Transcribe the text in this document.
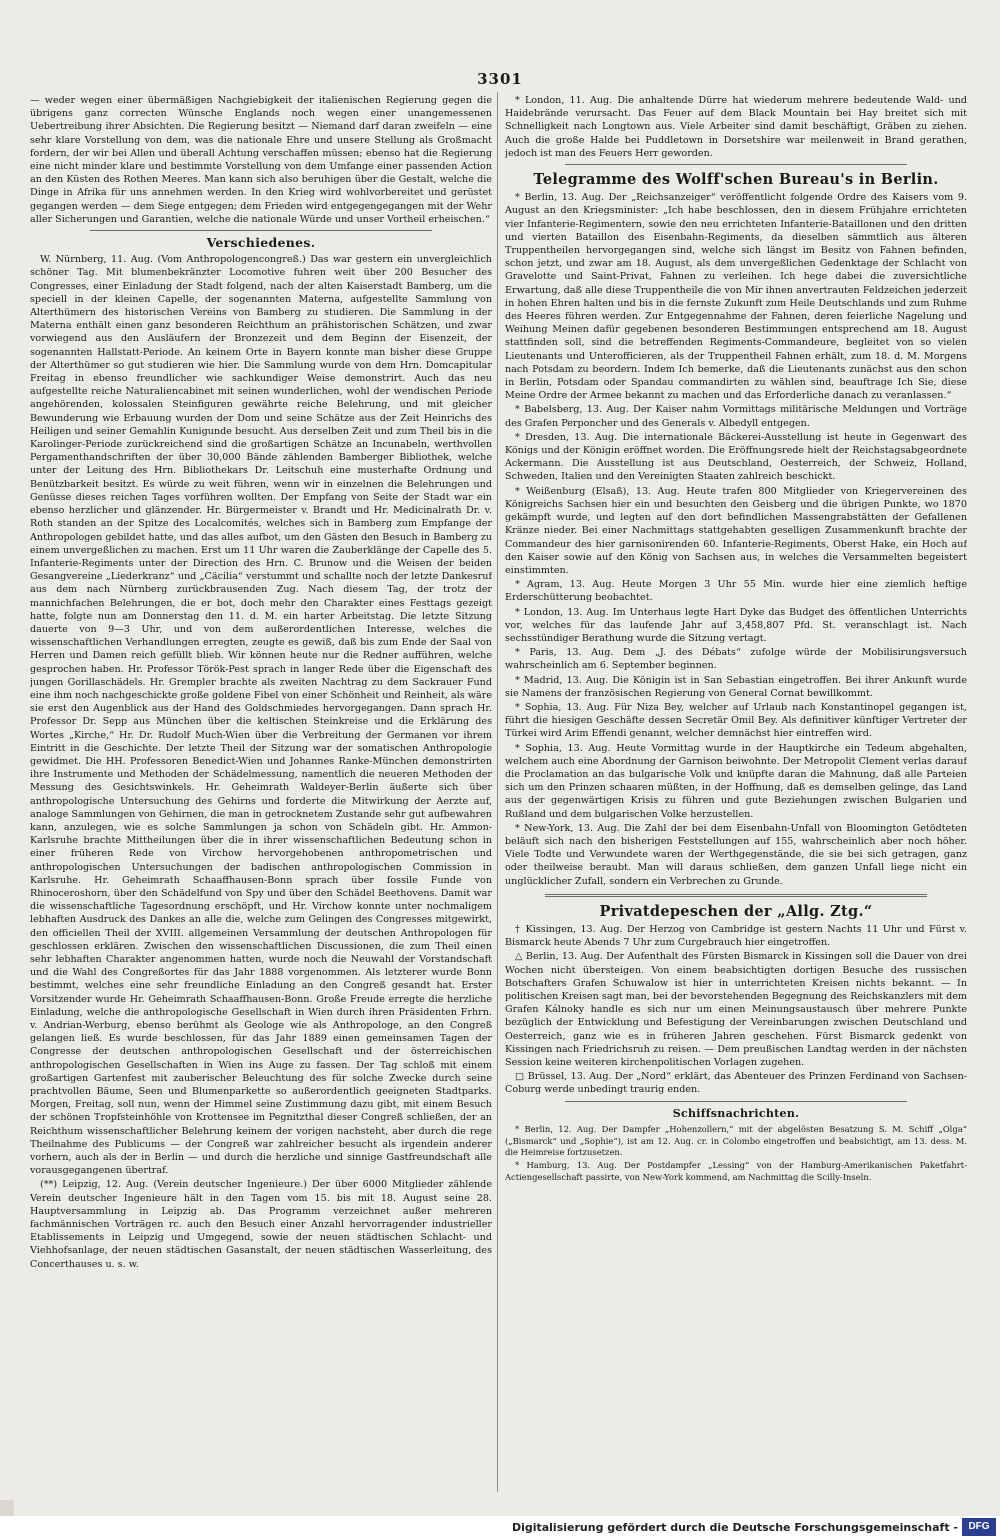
3301

— weder wegen einer übermäßigen Nachgiebigkeit der italienischen Regierung gegen die übrigens ganz correcten Wünsche Englands noch wegen einer unangemessenen Uebertreibung ihrer Absichten. Die Regierung besitzt — Niemand darf daran zweifeln — eine sehr klare Vorstellung von dem, was die nationale Ehre und unsere Stellung als Großmacht fordern, der wir bei Allen und überall Achtung verschaffen müssen; ebenso hat die Regierung eine nicht minder klare und bestimmte Vorstellung von dem Umfange einer passenden Action an den Küsten des Rothen Meeres. Man kann sich also beruhigen über die Gestalt, welche die Dinge in Afrika für uns annehmen werden. In den Krieg wird wohlvorbereitet und gerüstet gegangen werden — dem Siege entgegen; dem Frieden wird entgegengegangen mit der Wehr aller Sicherungen und Garantien, welche die nationale Würde und unser Vortheil erheischen.“

Verschiedenes.

W. Nürnberg, 11. Aug. (Vom Anthropologencongreß.) Das war gestern ein unvergleichlich schöner Tag. Mit blumenbekränzter Locomotive fuhren weit über 200 Besucher des Congresses, einer Einladung der Stadt folgend, nach der alten Kaiserstadt Bamberg, um die speciell in der kleinen Capelle, der sogenannten Materna, aufgestellte Sammlung von Alterthümern des historischen Vereins von Bamberg zu studieren. Die Sammlung in der Materna enthält einen ganz besonderen Reichthum an prähistorischen Schätzen, und zwar vorwiegend aus den Ausläufern der Bronzezeit und dem Beginn der Eisenzeit, der sogenannten Hallstatt-Periode. An keinem Orte in Bayern konnte man bisher diese Gruppe der Alterthümer so gut studieren wie hier. Die Sammlung wurde von dem Hrn. Domcapitular Freitag in ebenso freundlicher wie sachkundiger Weise demonstrirt. Auch das neu aufgestellte reiche Naturaliencabinet mit seinen wunderlichen, wohl der wendischen Periode angehörenden, kolossalen Steinfiguren gewährte reiche Belehrung, und mit gleicher Bewunderung wie Erbauung wurden der Dom und seine Schätze aus der Zeit Heinrichs des Heiligen und seiner Gemahlin Kunigunde besucht. Aus derselben Zeit und zum Theil bis in die Karolinger-Periode zurückreichend sind die großartigen Schätze an Incunabeln, werthvollen Pergamenthandschriften der über 30,000 Bände zählenden Bamberger Bibliothek, welche unter der Leitung des Hrn. Bibliothekars Dr. Leitschuh eine musterhafte Ordnung und Benützbarkeit besitzt. Es würde zu weit führen, wenn wir in einzelnen die Belehrungen und Genüsse dieses reichen Tages vorführen wollten. Der Empfang von Seite der Stadt war ein ebenso herzlicher und glänzender. Hr. Bürgermeister v. Brandt und Hr. Medicinalrath Dr. v. Roth standen an der Spitze des Localcomités, welches sich in Bamberg zum Empfange der Anthropologen gebildet hatte, und das alles aufbot, um den Gästen den Besuch in Bamberg zu einem unvergeßlichen zu machen. Erst um 11 Uhr waren die Zauberklänge der Capelle des 5. Infanterie-Regiments unter der Direction des Hrn. C. Brunow und die Weisen der beiden Gesangvereine „Liederkranz“ und „Cäcilia“ verstummt und schallte noch der letzte Dankesruf aus dem nach Nürnberg zurückbrausenden Zug. Nach diesem Tag, der trotz der mannichfachen Belehrungen, die er bot, doch mehr den Charakter eines Festtags gezeigt hatte, folgte nun am Donnerstag den 11. d. M. ein harter Arbeitstag. Die letzte Sitzung dauerte von 9—3 Uhr, und von dem außerordentlichen Interesse, welches die wissenschaftlichen Verhandlungen erregten, zeugte es gewiß, daß bis zum Ende der Saal von Herren und Damen reich gefüllt blieb. Wir können heute nur die Redner aufführen, welche gesprochen haben. Hr. Professor Török-Pest sprach in langer Rede über die Eigenschaft des jungen Gorillaschädels. Hr. Grempler brachte als zweiten Nachtrag zu dem Sackrauer Fund eine ihm noch nachgeschickte große goldene Fibel von einer Schönheit und Reinheit, als wäre sie erst den Augenblick aus der Hand des Goldschmiedes hervorgegangen. Dann sprach Hr. Professor Dr. Sepp aus München über die keltischen Steinkreise und die Erklärung des Wortes „Kirche,“ Hr. Dr. Rudolf Much-Wien über die Verbreitung der Germanen vor ihrem Eintritt in die Geschichte. Der letzte Theil der Sitzung war der somatischen Anthropologie gewidmet. Die HH. Professoren Benedict-Wien und Johannes Ranke-München demonstrirten ihre Instrumente und Methoden der Schädelmessung, namentlich die neueren Methoden der Messung des Gesichtswinkels. Hr. Geheimrath Waldeyer-Berlin äußerte sich über anthropologische Untersuchung des Gehirns und forderte die Mitwirkung der Aerzte auf, analoge Sammlungen von Gehirnen, die man in getrocknetem Zustande sehr gut aufbewahren kann, anzulegen, wie es solche Sammlungen ja schon von Schädeln gibt. Hr. Ammon-Karlsruhe brachte Mittheilungen über die in ihrer wissenschaftlichen Bedeutung schon in einer früheren Rede von Virchow hervorgehobenen anthropometrischen und anthropologischen Untersuchungen der badischen anthropologischen Commission in Karlsruhe. Hr. Geheimrath Schaaffhausen-Bonn sprach über fossile Funde von Rhinoceroshorn, über den Schädelfund von Spy und über den Schädel Beethovens. Damit war die wissenschaftliche Tagesordnung erschöpft, und Hr. Virchow konnte unter nochmaligem lebhaften Ausdruck des Dankes an alle die, welche zum Gelingen des Congresses mitgewirkt, den officiellen Theil der XVIII. allgemeinen Versammlung der deutschen Anthropologen für geschlossen erklären. Zwischen den wissenschaftlichen Discussionen, die zum Theil einen sehr lebhaften Charakter angenommen hatten, wurde noch die Neuwahl der Vorstandschaft und die Wahl des Congreßortes für das Jahr 1888 vorgenommen. Als letzterer wurde Bonn bestimmt, welches eine sehr freundliche Einladung an den Congreß gesandt hat. Erster Vorsitzender wurde Hr. Geheimrath Schaaffhausen-Bonn. Große Freude erregte die herzliche Einladung, welche die anthropologische Gesellschaft in Wien durch ihren Präsidenten Frhrn. v. Andrian-Werburg, ebenso berühmt als Geologe wie als Anthropologe, an den Congreß gelangen ließ. Es wurde beschlossen, für das Jahr 1889 einen gemeinsamen Tagen der Congresse der deutschen anthropologischen Gesellschaft und der österreichischen anthropologischen Gesellschaften in Wien ins Auge zu fassen. Der Tag schloß mit einem großartigen Gartenfest mit zauberischer Beleuchtung des für solche Zwecke durch seine prachtvollen Bäume, Seen und Blumenparkette so außerordentlich geeigneten Stadtparks. Morgen, Freitag, soll nun, wenn der Himmel seine Zustimmung dazu gibt, mit einem Besuch der schönen Tropfsteinhöhle von Krottensee im Pegnitzthal dieser Congreß schließen, der an Reichthum wissenschaftlicher Belehrung keinem der vorigen nachsteht, aber durch die rege Theilnahme des Publicums — der Congreß war zahlreicher besucht als irgendein anderer vorhern, auch als der in Berlin — und durch die herzliche und sinnige Gastfreundschaft alle vorausgegangenen übertraf.

(**) Leipzig, 12. Aug. (Verein deutscher Ingenieure.) Der über 6000 Mitglieder zählende Verein deutscher Ingenieure hält in den Tagen vom 15. bis mit 18. August seine 28. Hauptversammlung in Leipzig ab. Das Programm verzeichnet außer mehreren fachmännischen Vorträgen rc. auch den Besuch einer Anzahl hervorragender industrieller Etablissements in Leipzig und Umgegend, sowie der neuen städtischen Schlacht- und Viehhofsanlage, der neuen städtischen Gasanstalt, der neuen städtischen Wasserleitung, des Concerthauses u. s. w.

* London, 11. Aug. Die anhaltende Dürre hat wiederum mehrere bedeutende Wald- und Haidebrände verursacht. Das Feuer auf dem Black Mountain bei Hay breitet sich mit Schnelligkeit nach Longtown aus. Viele Arbeiter sind damit beschäftigt, Gräben zu ziehen. Auch die große Halde bei Puddletown in Dorsetshire war meilenweit in Brand gerathen, jedoch ist man des Feuers Herr geworden.

Telegramme des Wolff'schen Bureau's in Berlin.

* Berlin, 13. Aug. Der „Reichsanzeiger“ veröffentlicht folgende Ordre des Kaisers vom 9. August an den Kriegsminister: „Ich habe beschlossen, den in diesem Frühjahre errichteten vier Infanterie-Regimentern, sowie den neu errichteten Infanterie-Bataillonen und den dritten und vierten Bataillon des Eisenbahn-Regiments, da dieselben sämmtlich aus älteren Truppentheilen hervorgegangen sind, welche sich längst im Besitz von Fahnen befinden, schon jetzt, und zwar am 18. August, als dem unvergeßlichen Gedenktage der Schlacht von Gravelotte und Saint-Privat, Fahnen zu verleihen. Ich hege dabei die zuversichtliche Erwartung, daß alle diese Truppentheile die von Mir ihnen anvertrauten Feldzeichen jederzeit in hohen Ehren halten und bis in die fernste Zukunft zum Heile Deutschlands und zum Ruhme des Heeres führen werden. Zur Entgegennahme der Fahnen, deren feierliche Nagelung und Weihung Meinen dafür gegebenen besonderen Bestimmungen entsprechend am 18. August stattfinden soll, sind die betreffenden Regiments-Commandeure, begleitet von so vielen Lieutenants und Unterofficieren, als der Truppentheil Fahnen erhält, zum 18. d. M. Morgens nach Potsdam zu beordern. Indem Ich bemerke, daß die Lieutenants zunächst aus den schon in Berlin, Potsdam oder Spandau commandirten zu wählen sind, beauftrage Ich Sie, diese Meine Ordre der Armee bekannt zu machen und das Erforderliche danach zu veranlassen.“

* Babelsberg, 13. Aug. Der Kaiser nahm Vormittags militärische Meldungen und Vorträge des Grafen Perponcher und des Generals v. Albedyll entgegen.

* Dresden, 13. Aug. Die internationale Bäckerei-Ausstellung ist heute in Gegenwart des Königs und der Königin eröffnet worden. Die Eröffnungsrede hielt der Reichstagsabgeordnete Ackermann. Die Ausstellung ist aus Deutschland, Oesterreich, der Schweiz, Holland, Schweden, Italien und den Vereinigten Staaten zahlreich beschickt.

* Weißenburg (Elsaß), 13. Aug. Heute trafen 800 Mitglieder von Kriegervereinen des Königreichs Sachsen hier ein und besuchten den Geisberg und die übrigen Punkte, wo 1870 gekämpft wurde, und legten auf den dort befindlichen Massengrabstätten der Gefallenen Kränze nieder. Bei einer Nachmittags stattgehabten geselligen Zusammenkunft brachte der Commandeur des hier garnisonirenden 60. Infanterie-Regiments, Oberst Hake, ein Hoch auf den Kaiser sowie auf den König von Sachsen aus, in welches die Versammelten begeistert einstimmten.

* Agram, 13. Aug. Heute Morgen 3 Uhr 55 Min. wurde hier eine ziemlich heftige Erderschütterung beobachtet.

* London, 13. Aug. Im Unterhaus legte Hart Dyke das Budget des öffentlichen Unterrichts vor, welches für das laufende Jahr auf 3,458,807 Pfd. St. veranschlagt ist. Nach sechsstündiger Berathung wurde die Sitzung vertagt.

* Paris, 13. Aug. Dem „J. des Débats“ zufolge würde der Mobilisirungsversuch wahrscheinlich am 6. September beginnen.

* Madrid, 13. Aug. Die Königin ist in San Sebastian eingetroffen. Bei ihrer Ankunft wurde sie Namens der französischen Regierung von General Cornat bewillkommt.

* Sophia, 13. Aug. Für Niza Bey, welcher auf Urlaub nach Konstantinopel gegangen ist, führt die hiesigen Geschäfte dessen Secretär Omil Bey. Als definitiver künftiger Vertreter der Türkei wird Arim Effendi genannt, welcher demnächst hier eintreffen wird.

* Sophia, 13. Aug. Heute Vormittag wurde in der Hauptkirche ein Tedeum abgehalten, welchem auch eine Abordnung der Garnison beiwohnte. Der Metropolit Clement verlas darauf die Proclamation an das bulgarische Volk und knüpfte daran die Mahnung, daß alle Parteien sich um den Prinzen schaaren müßten, in der Hoffnung, daß es demselben gelinge, das Land aus der gegenwärtigen Krisis zu führen und gute Beziehungen zwischen Bulgarien und Rußland und dem bulgarischen Volke herzustellen.

* New-York, 13. Aug. Die Zahl der bei dem Eisenbahn-Unfall von Bloomington Getödteten beläuft sich nach den bisherigen Feststellungen auf 155, wahrscheinlich aber noch höher. Viele Todte und Verwundete waren der Werthgegenstände, die sie bei sich getragen, ganz oder theilweise beraubt. Man will daraus schließen, dem ganzen Unfall liege nicht ein unglücklicher Zufall, sondern ein Verbrechen zu Grunde.

Privatdepeschen der „Allg. Ztg.“

† Kissingen, 13. Aug. Der Herzog von Cambridge ist gestern Nachts 11 Uhr und Fürst v. Bismarck heute Abends 7 Uhr zum Curgebrauch hier eingetroffen.

△ Berlin, 13. Aug. Der Aufenthalt des Fürsten Bismarck in Kissingen soll die Dauer von drei Wochen nicht übersteigen. Von einem beabsichtigten dortigen Besuche des russischen Botschafters Grafen Schuwalow ist hier in unterrichteten Kreisen nichts bekannt. — In politischen Kreisen sagt man, bei der bevorstehenden Begegnung des Reichskanzlers mit dem Grafen Kálnoky handle es sich nur um einen Meinungsaustausch über mehrere Punkte bezüglich der Entwicklung und Befestigung der Vereinbarungen zwischen Deutschland und Oesterreich, ganz wie es in früheren Jahren geschehen. Fürst Bismarck gedenkt von Kissingen nach Friedrichsruh zu reisen. — Dem preußischen Landtag werden in der nächsten Session keine weiteren kirchenpolitischen Vorlagen zugehen.

□ Brüssel, 13. Aug. Der „Nord“ erklärt, das Abenteuer des Prinzen Ferdinand von Sachsen-Coburg werde unbedingt traurig enden.

Schiffsnachrichten.

* Berlin, 12. Aug. Der Dampfer „Hohenzollern,“ mit der abgelösten Besatzung S. M. Schiff „Olga“ („Bismarck“ und „Sophie“), ist am 12. Aug. cr. in Colombo eingetroffen und beabsichtigt, am 13. dess. M. die Heimreise fortzusetzen.

* Hamburg, 13. Aug. Der Postdampfer „Lessing“ von der Hamburg-Amerikanischen Paketfahrt-Actiengesellschaft passirte, von New-York kommend, am Nachmittag die Scilly-Inseln.

Digitalisierung gefördert durch die Deutsche Forschungsgemeinschaft -	DFG
